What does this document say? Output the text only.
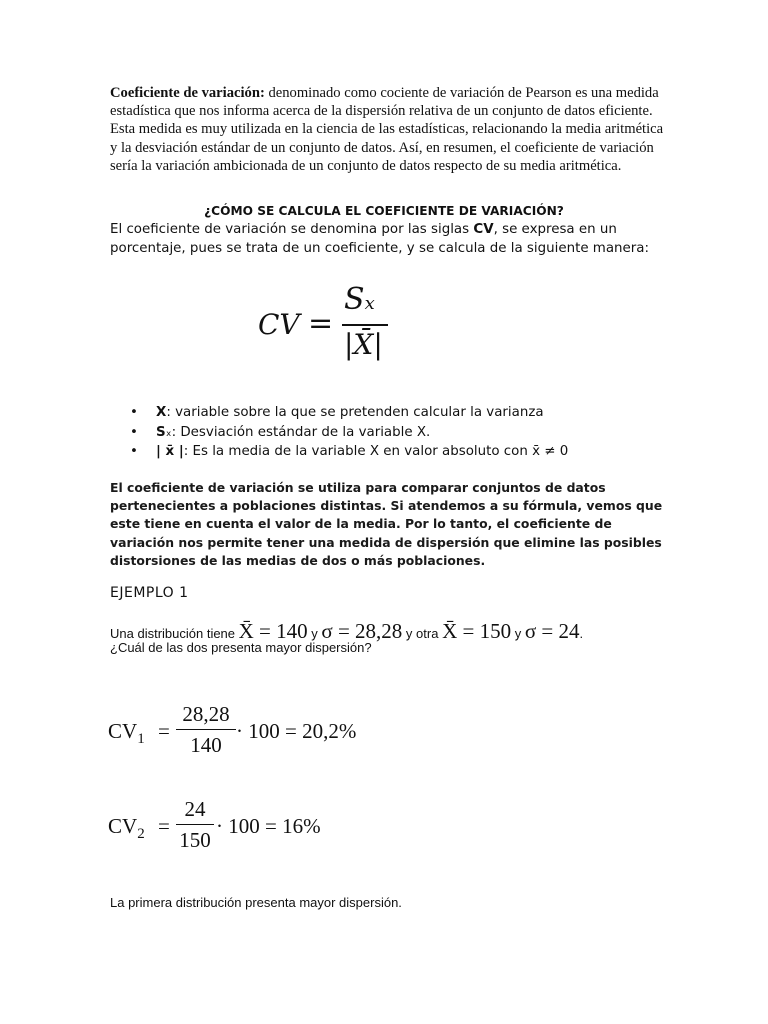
Coeficiente de variación: denominado como cociente de variación de Pearson es una medida estadística que nos informa acerca de la dispersión relativa de un conjunto de datos eficiente. Esta medida es muy utilizada en la ciencia de las estadísticas, relacionando la media aritmética y la desviación estándar de un conjunto de datos. Así, en resumen, el coeficiente de variación sería la variación ambicionada de un conjunto de datos respecto de su media aritmética.
¿CÓMO SE CALCULA EL COEFICIENTE DE VARIACIÓN?
El coeficiente de variación se denomina por las siglas CV, se expresa en un porcentaje, pues se trata de un coeficiente, y se calcula de la siguiente manera:
CV =
Sx
|X̄|
• X: variable sobre la que se pretenden calcular la varianza
• Sₓ: Desviación estándar de la variable X.
• | x̄ |: Es la media de la variable X en valor absoluto con x̄ ≠ 0
El coeficiente de variación se utiliza para comparar conjuntos de datos pertenecientes a poblaciones distintas. Si atendemos a su fórmula, vemos que este tiene en cuenta el valor de la media. Por lo tanto, el coeficiente de variación nos permite tener una medida de dispersión que elimine las posibles distorsiones de las medias de dos o más poblaciones.
EJEMPLO 1
Una distribución tiene X̄ = 140 y σ = 28,28 y otra X̄ = 150 y σ = 24.
¿Cuál de las dos presenta mayor dispersión?
$CV_1$ =
28,28
140
· 100 = 20,2%
$CV_2$ =
24
150
· 100 = 16%
La primera distribución presenta mayor dispersión.
